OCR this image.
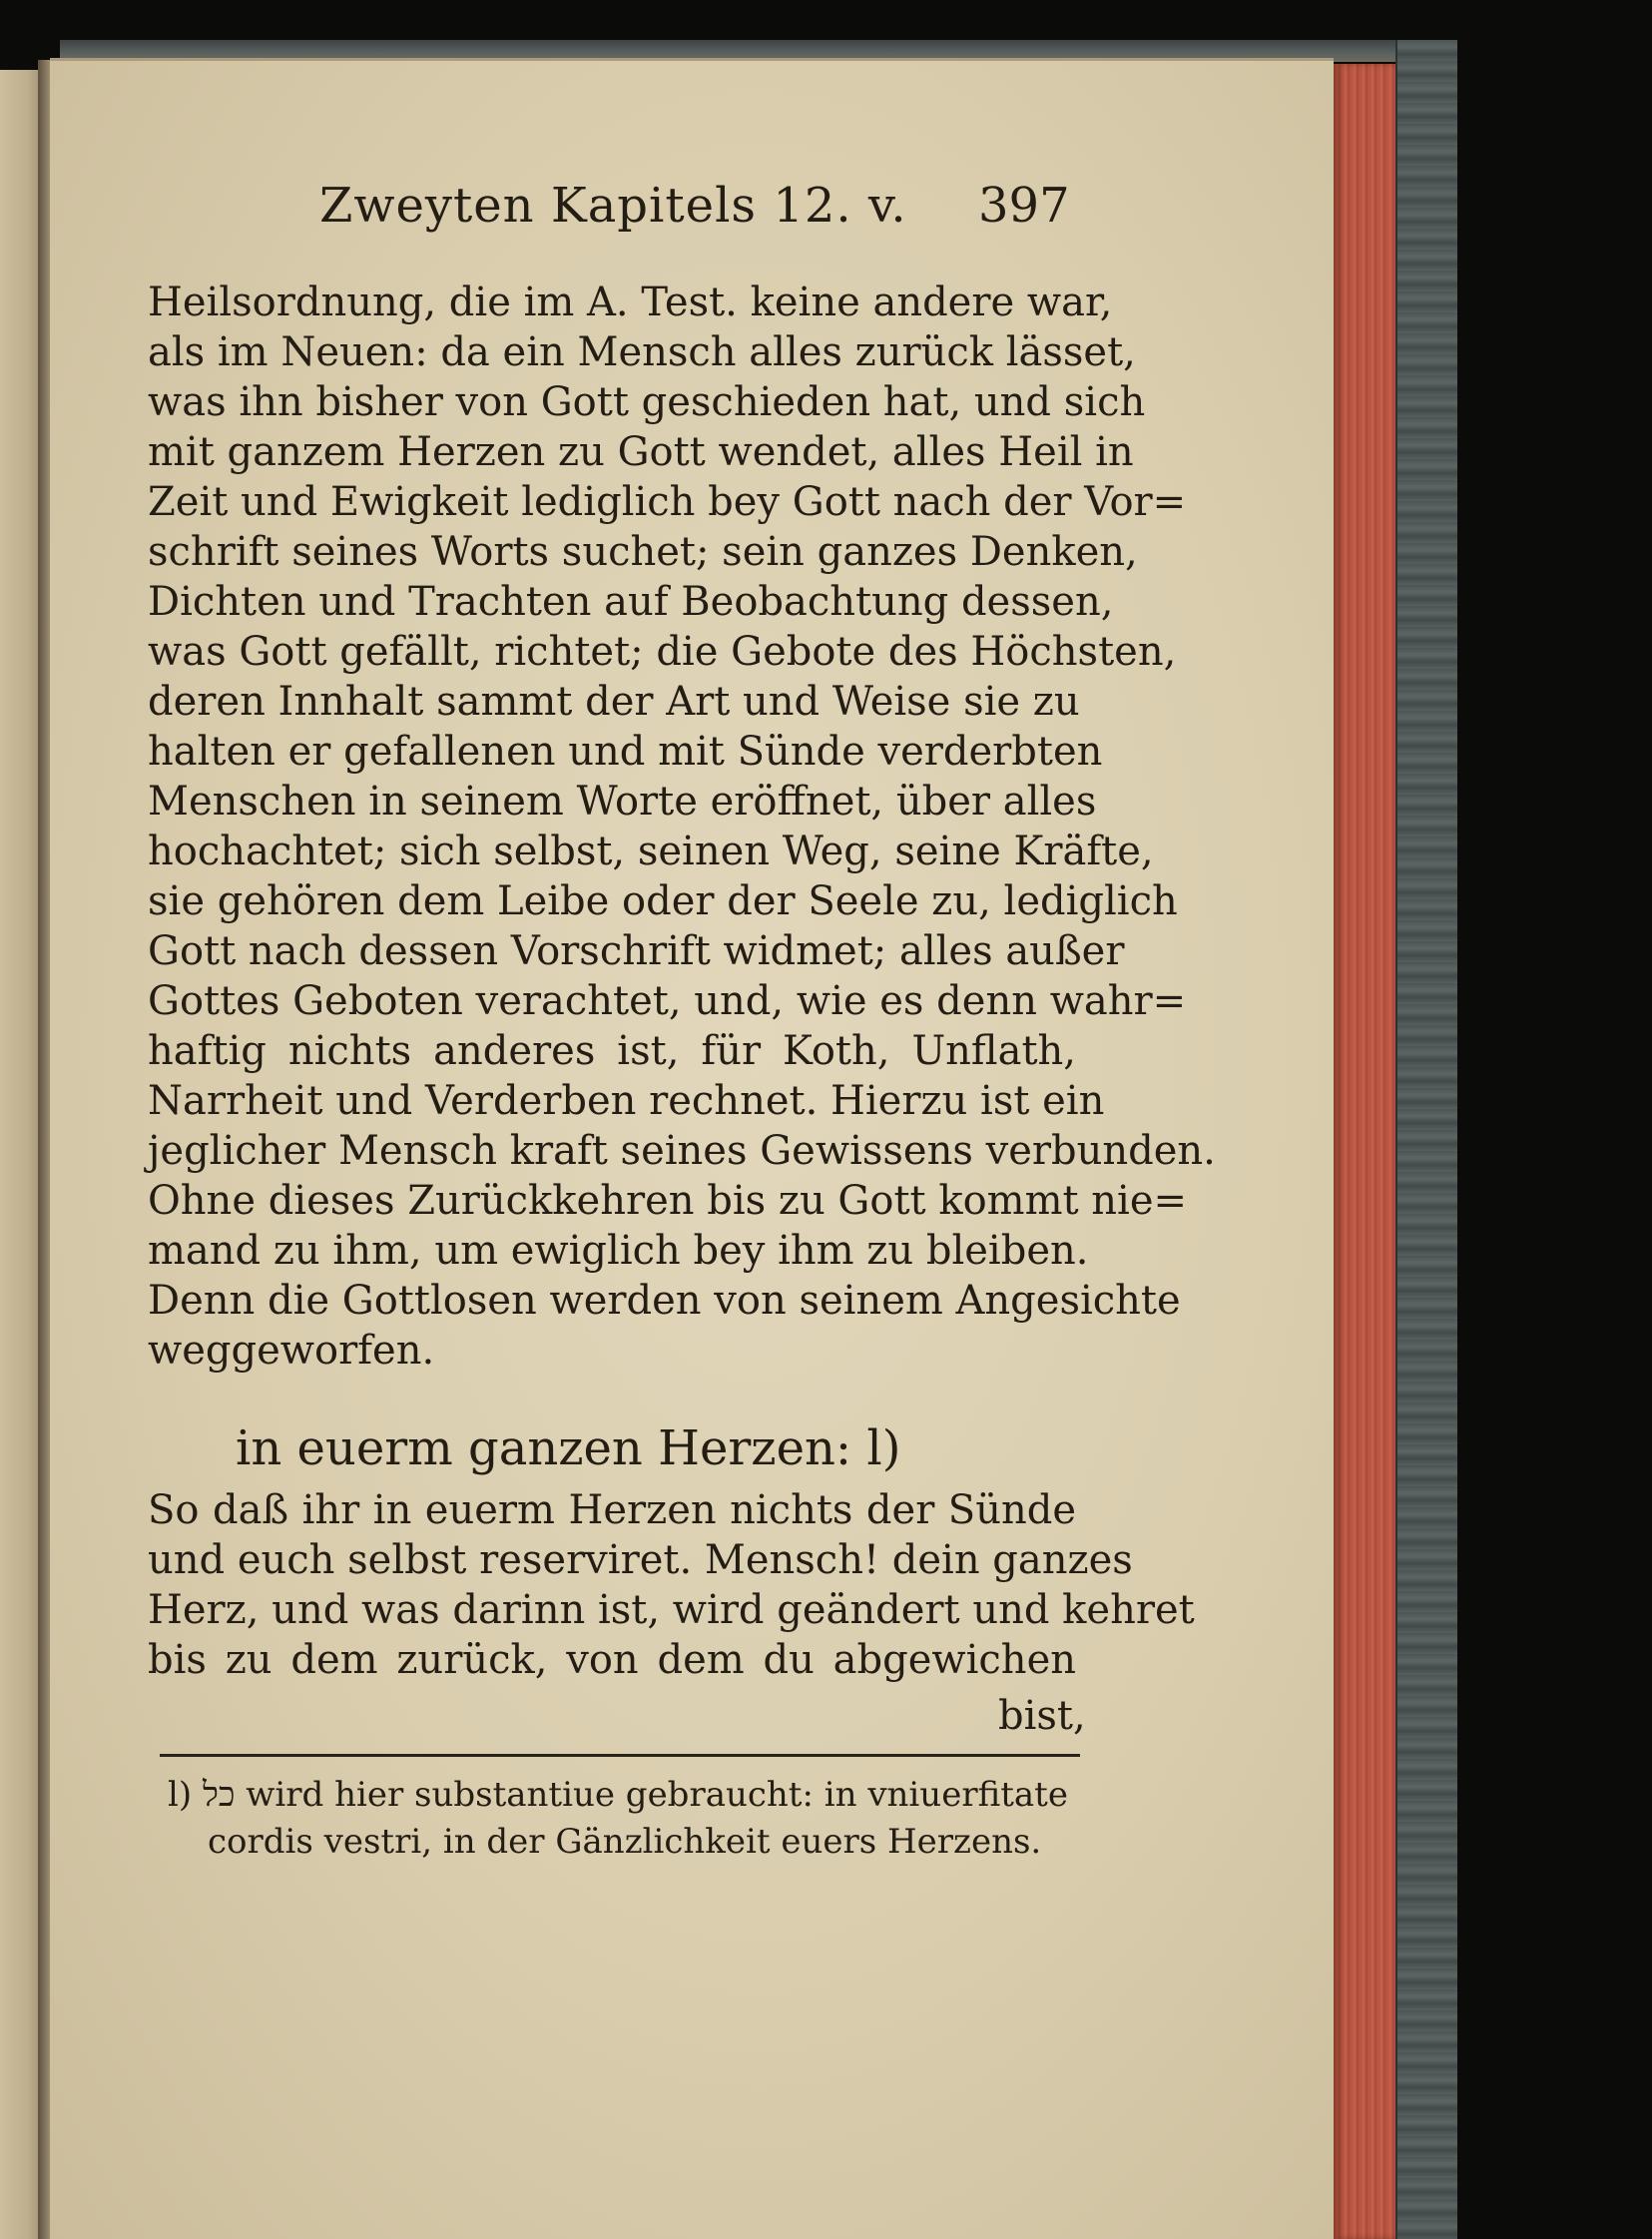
Zweyten Kapitels 12. v. 397
Heilsordnung, die im A. Test. keine andere war,
als im Neuen: da ein Mensch alles zurück lässet,
was ihn bisher von Gott geschieden hat, und sich
mit ganzem Herzen zu Gott wendet, alles Heil in
Zeit und Ewigkeit lediglich bey Gott nach der Vor=
schrift seines Worts suchet; sein ganzes Denken,
Dichten und Trachten auf Beobachtung dessen,
was Gott gefällt, richtet; die Gebote des Höchsten,
deren Innhalt sammt der Art und Weise sie zu
halten er gefallenen und mit Sünde verderbten
Menschen in seinem Worte eröffnet, über alles
hochachtet; sich selbst, seinen Weg, seine Kräfte,
sie gehören dem Leibe oder der Seele zu, lediglich
Gott nach dessen Vorschrift widmet; alles außer
Gottes Geboten verachtet, und, wie es denn wahr=
haftig nichts anderes ist, für Koth, Unflath,
Narrheit und Verderben rechnet. Hierzu ist ein
jeglicher Mensch kraft seines Gewissens verbunden.
Ohne dieses Zurückkehren bis zu Gott kommt nie=
mand zu ihm, um ewiglich bey ihm zu bleiben.
Denn die Gottlosen werden von seinem Angesichte
weggeworfen.
in euerm ganzen Herzen: l)
So daß ihr in euerm Herzen nichts der Sünde
und euch selbst reserviret. Mensch! dein ganzes
Herz, und was darinn ist, wird geändert und kehret
bis zu dem zurück, von dem du abgewichen
bist,
l) כל wird hier substantiue gebraucht: in vniuerfitate
cordis vestri, in der Gänzlichkeit euers Herzens.
